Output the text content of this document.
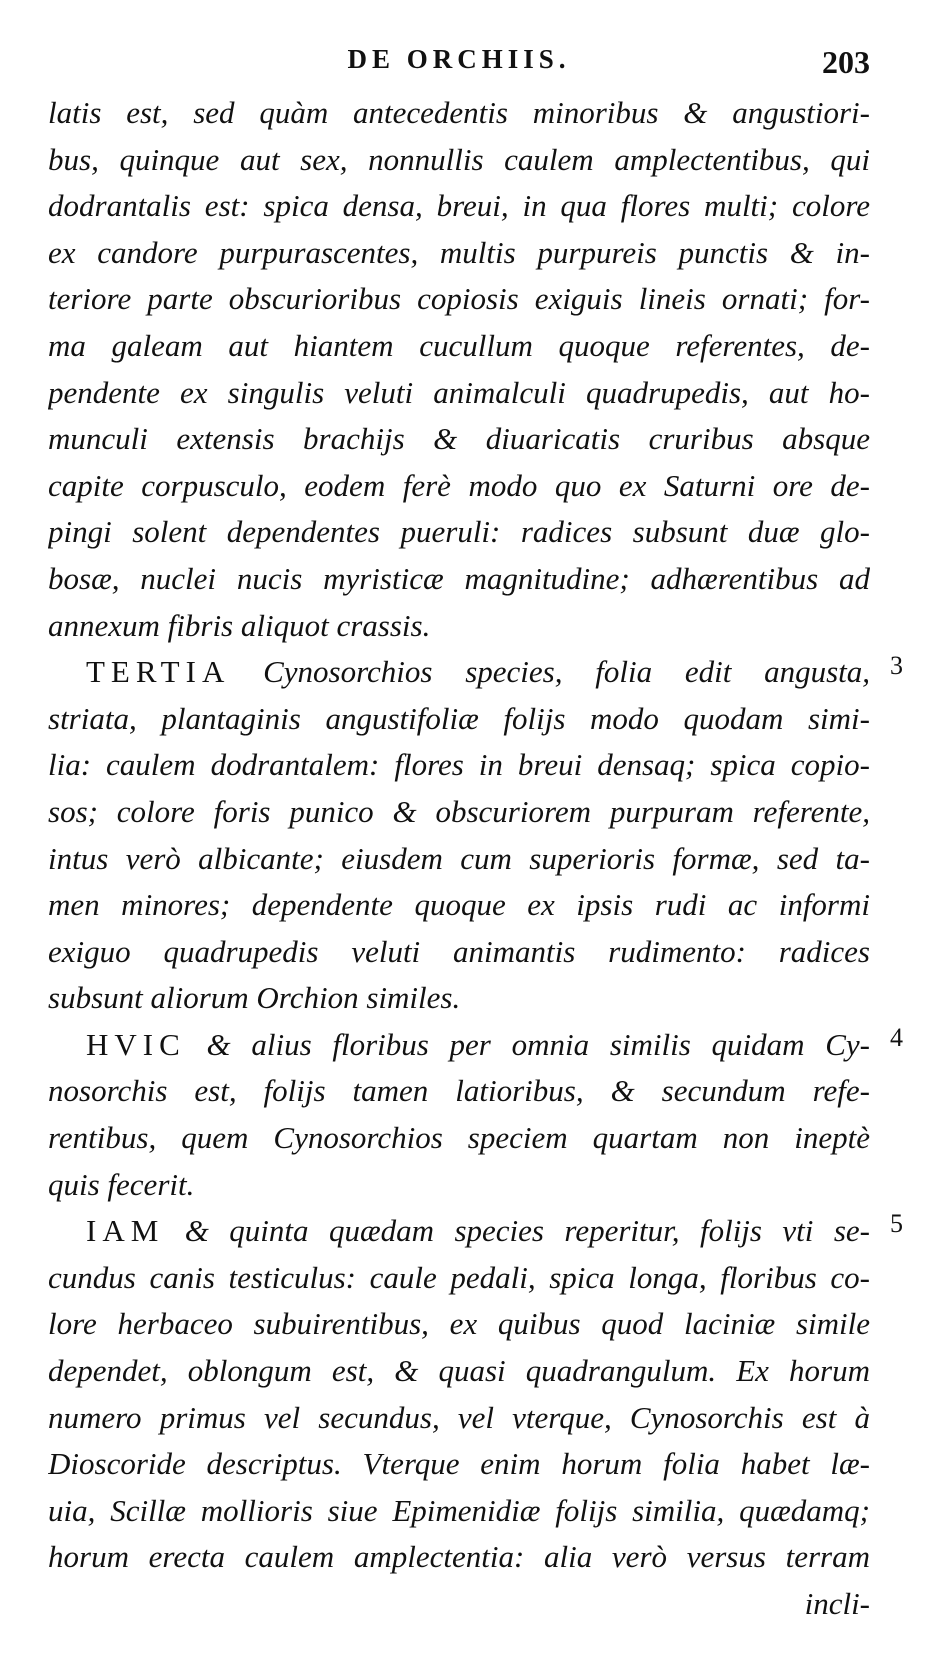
DE ORCHIIS.	203
latis est, sed quàm antecedentis minoribus & angustiori-
bus, quinque aut sex, nonnullis caulem amplectentibus, qui
dodrantalis est: spica densa, breui, in qua flores multi; colore
ex candore purpurascentes, multis purpureis punctis & in-
teriore parte obscurioribus copiosis exiguis lineis ornati; for-
ma galeam aut hiantem cucullum quoque referentes, de-
pendente ex singulis veluti animalculi quadrupedis, aut ho-
munculi extensis brachijs & diuaricatis cruribus absque
capite corpusculo, eodem ferè modo quo ex Saturni ore de-
pingi solent dependentes pueruli: radices subsunt duæ glo-
bosæ, nuclei nucis myristicæ magnitudine; adhærentibus ad
annexum fibris aliquot crassis.
TERTIA Cynosorchios species, folia edit angusta,
striata, plantaginis angustifoliæ folijs modo quodam simi-
lia: caulem dodrantalem: flores in breui densaq; spica copio-
sos; colore foris punico & obscuriorem purpuram referente,
intus verò albicante; eiusdem cum superioris formæ, sed ta-
men minores; dependente quoque ex ipsis rudi ac informi
exiguo quadrupedis veluti animantis rudimento: radices
subsunt aliorum Orchion similes.
HVIC & alius floribus per omnia similis quidam Cy-
nosorchis est, folijs tamen latioribus, & secundum refe-
rentibus, quem Cynosorchios speciem quartam non ineptè
quis fecerit.
IAM & quinta quædam species reperitur, folijs vti se-
cundus canis testiculus: caule pedali, spica longa, floribus co-
lore herbaceo subuirentibus, ex quibus quod laciniæ simile
dependet, oblongum est, & quasi quadrangulum. Ex horum
numero primus vel secundus, vel vterque, Cynosorchis est à
Dioscoride descriptus. Vterque enim horum folia habet læ-
uia, Scillæ mollioris siue Epimenidiæ folijs similia, quædamq;
horum erecta caulem amplectentia: alia verò versus terram
incli-
3
4
5
